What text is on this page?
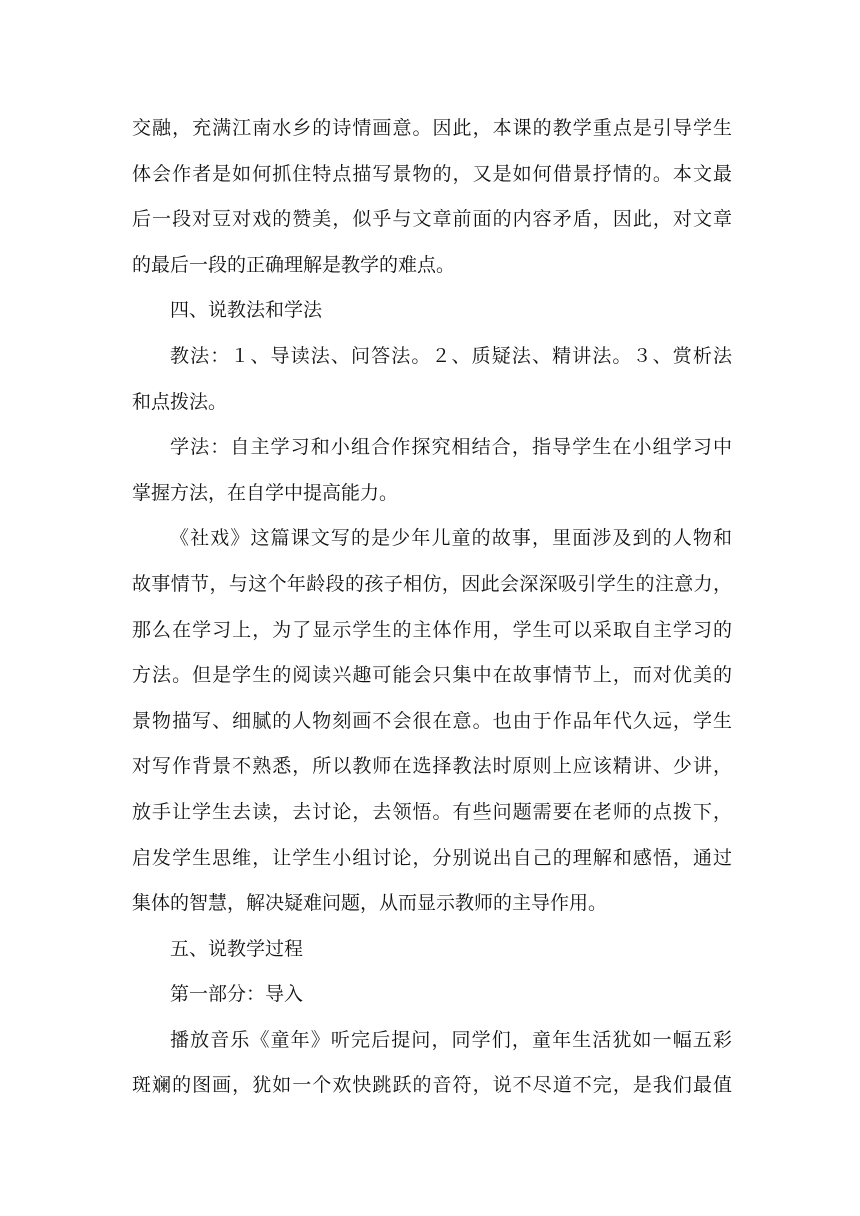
交融，充满江南水乡的诗情画意。因此，本课的教学重点是引导学生
体会作者是如何抓住特点描写景物的，又是如何借景抒情的。本文最
后一段对豆对戏的赞美，似乎与文章前面的内容矛盾，因此，对文章
的最后一段的正确理解是教学的难点。
四、说教法和学法
教法：１、导读法、问答法。２、质疑法、精讲法。３、赏析法
和点拨法。
学法：自主学习和小组合作探究相结合，指导学生在小组学习中
掌握方法，在自学中提高能力。
《社戏》这篇课文写的是少年儿童的故事，里面涉及到的人物和
故事情节，与这个年龄段的孩子相仿，因此会深深吸引学生的注意力，
那么在学习上，为了显示学生的主体作用，学生可以采取自主学习的
方法。但是学生的阅读兴趣可能会只集中在故事情节上，而对优美的
景物描写、细腻的人物刻画不会很在意。也由于作品年代久远，学生
对写作背景不熟悉，所以教师在选择教法时原则上应该精讲、少讲，
放手让学生去读，去讨论，去领悟。有些问题需要在老师的点拨下，
启发学生思维，让学生小组讨论，分别说出自己的理解和感悟，通过
集体的智慧，解决疑难问题，从而显示教师的主导作用。
五、说教学过程
第一部分：导入
播放音乐《童年》听完后提问，同学们，童年生活犹如一幅五彩
斑斓的图画，犹如一个欢快跳跃的音符，说不尽道不完，是我们最值
